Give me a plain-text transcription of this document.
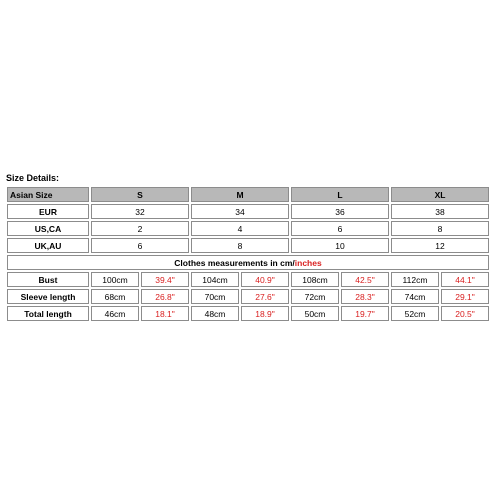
Size Details:
Asian Size	S		M		L		XL	
EUR	32		34		36		38	
US,CA	2		4		6		8	
UK,AU	6		8		10		12	
Clothes measurements in cm/inches								
Bust	100cm	39.4"	104cm	40.9"	108cm	42.5"	112cm	44.1"
Sleeve length	68cm	26.8"	70cm	27.6"	72cm	28.3"	74cm	29.1"
Total length	46cm	18.1"	48cm	18.9"	50cm	19.7"	52cm	20.5"
